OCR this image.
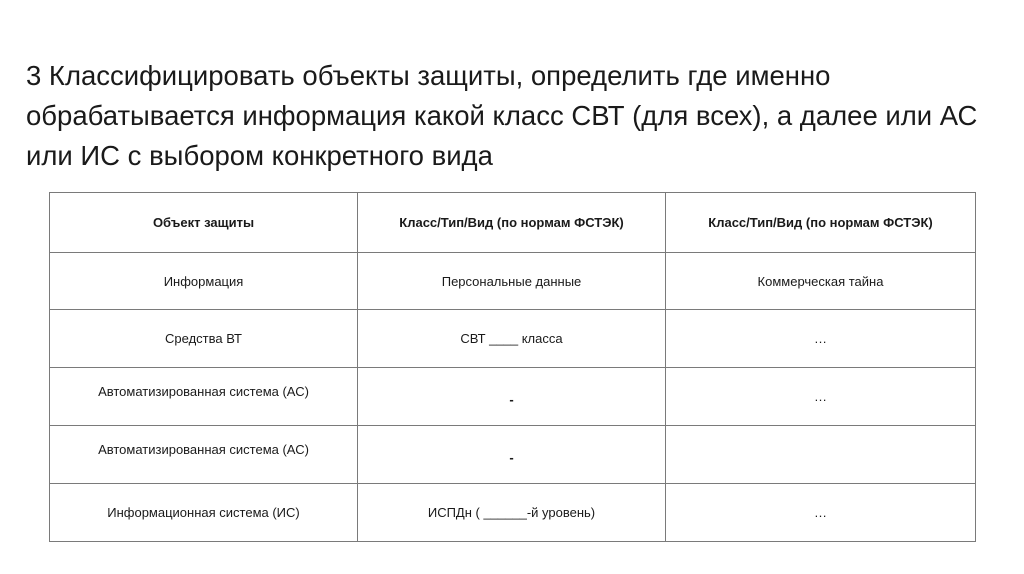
3 Классифицировать объекты защиты, определить где именно обрабатывается информация какой класс СВТ (для всех), а далее или АС или ИС с выбором конкретного вида
Объект защиты	Класс/Тип/Вид (по нормам ФСТЭК)	Класс/Тип/Вид (по нормам ФСТЭК)
Информация	Персональные данные	Коммерческая тайна
Средства ВТ	СВТ ____ класса	…
Автоматизированная система (АС)	-	…
Автоматизированная система (АС)	-	
Информационная система (ИС)	ИСПДн ( ______-й уровень)	…
